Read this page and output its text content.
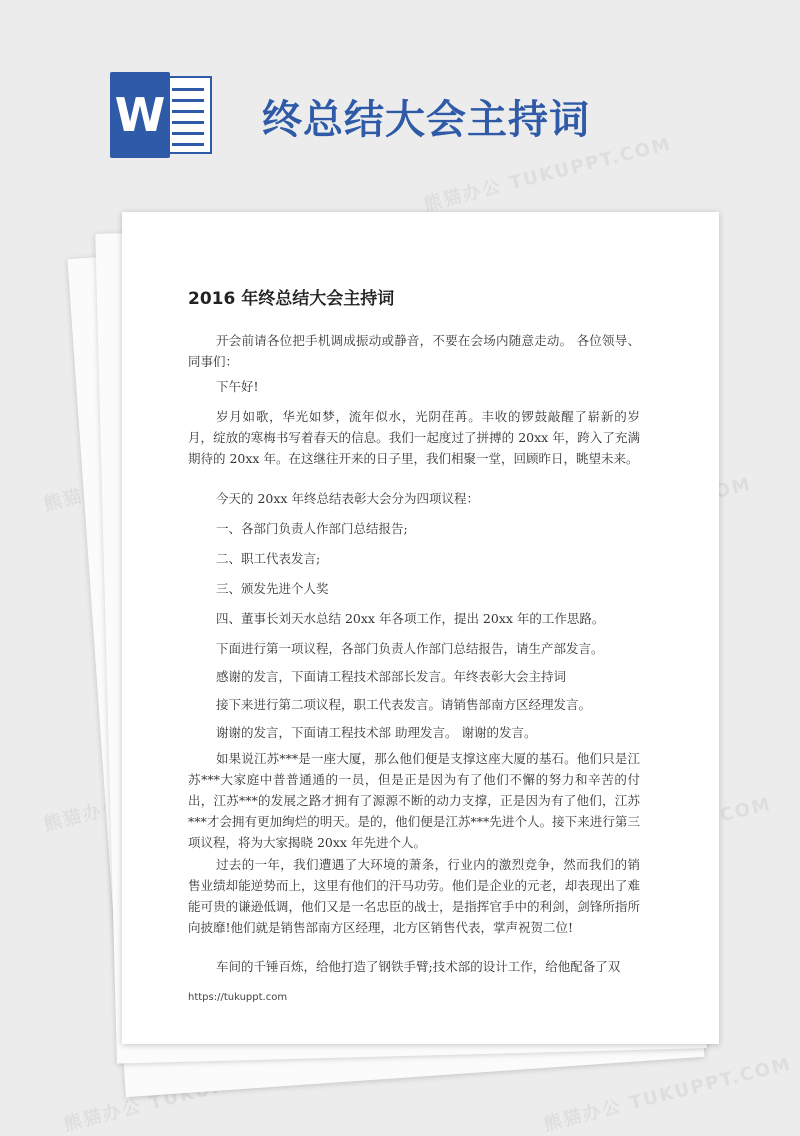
熊猫办公 TUKUPPT.COM
熊猫办公
熊猫办公 TUKUPPT.COM	熊猫办公 TUKUPPT.COM
W 终总结大会主持词
2016 年终总结大会主持词

开会前请各位把手机调成振动或静音，不要在会场内随意走动。 各位领导、同事们：

下午好!

岁月如歌，华光如梦，流年似水，光阴荏苒。丰收的锣鼓敲醒了崭新的岁月，绽放的寒梅书写着春天的信息。我们一起度过了拼搏的 20xx 年，跨入了充满期待的 20xx 年。在这继往开来的日子里，我们相聚一堂，回顾昨日，眺望未来。

今天的 20xx 年终总结表彰大会分为四项议程：

一、各部门负责人作部门总结报告;

二、职工代表发言;

三、颁发先进个人奖

四、董事长刘天水总结 20xx 年各项工作，提出 20xx 年的工作思路。

下面进行第一项议程，各部门负责人作部门总结报告，请生产部发言。

感谢的发言，下面请工程技术部部长发言。年终表彰大会主持词

接下来进行第二项议程，职工代表发言。请销售部南方区经理发言。

谢谢的发言，下面请工程技术部 助理发言。 谢谢的发言。

如果说江苏***是一座大厦，那么他们便是支撑这座大厦的基石。他们只是江苏***大家庭中普普通通的一员，但是正是因为有了他们不懈的努力和辛苦的付出，江苏***的发展之路才拥有了源源不断的动力支撑，正是因为有了他们，江苏***才会拥有更加绚烂的明天。是的，他们便是江苏***先进个人。接下来进行第三项议程，将为大家揭晓 20xx 年先进个人。

过去的一年，我们遭遇了大环境的萧条，行业内的激烈竞争，然而我们的销售业绩却能逆势而上，这里有他们的汗马功劳。他们是企业的元老，却表现出了难能可贵的谦逊低调，他们又是一名忠臣的战士，是指挥官手中的利剑，剑锋所指所向披靡!他们就是销售部南方区经理，北方区销售代表，掌声祝贺二位!

车间的千锤百炼，给他打造了钢铁手臂;技术部的设计工作，给他配备了双

https://tukuppt.com
